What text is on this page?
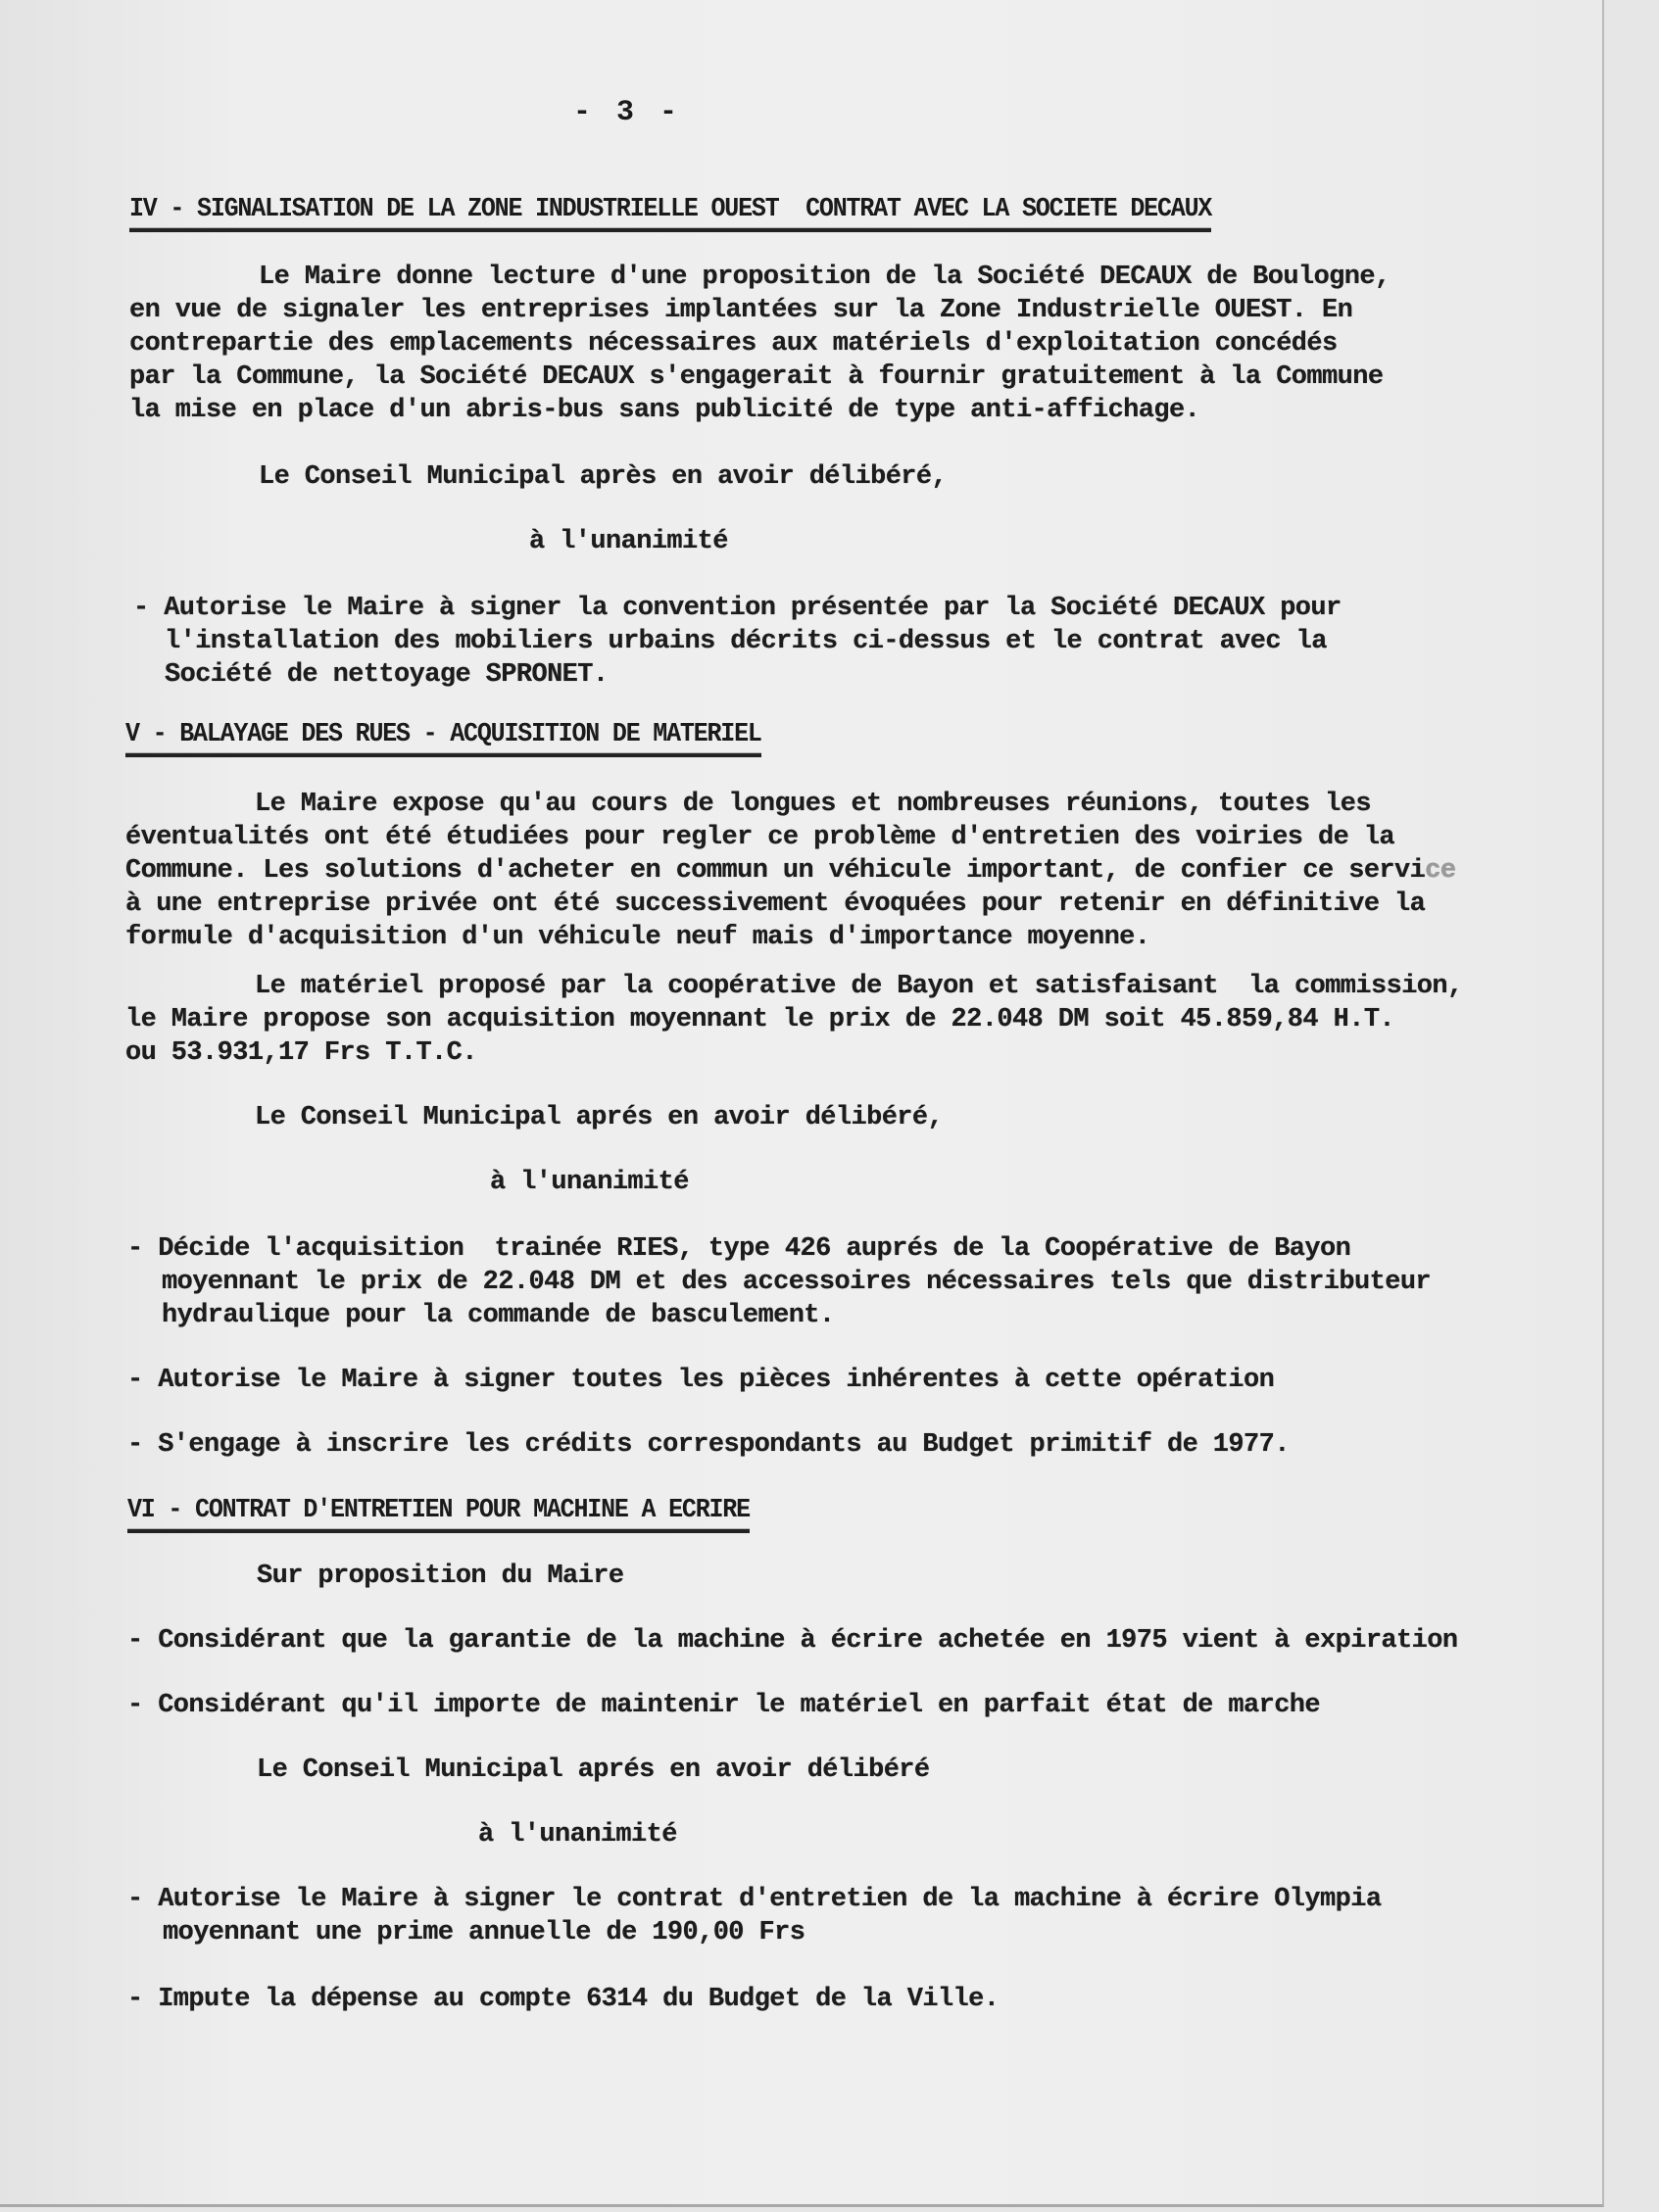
- 3 -
IV - SIGNALISATION DE LA ZONE INDUSTRIELLE OUEST  CONTRAT AVEC LA SOCIETE DECAUX
Le Maire donne lecture d'une proposition de la Société DECAUX de Boulogne,
en vue de signaler les entreprises implantées sur la Zone Industrielle OUEST. En
contrepartie des emplacements nécessaires aux matériels d'exploitation concédés
par la Commune, la Société DECAUX s'engagerait à fournir gratuitement à la Commune
la mise en place d'un abris-bus sans publicité de type anti-affichage.
Le Conseil Municipal après en avoir délibéré,
à l'unanimité
- Autorise le Maire à signer la convention présentée par la Société DECAUX pour
l'installation des mobiliers urbains décrits ci-dessus et le contrat avec la
Société de nettoyage SPRONET.
V - BALAYAGE DES RUES - ACQUISITION DE MATERIEL
Le Maire expose qu'au cours de longues et nombreuses réunions, toutes les
éventualités ont été étudiées pour regler ce problème d'entretien des voiries de la
Commune. Les solutions d'acheter en commun un véhicule important, de confier ce service
à une entreprise privée ont été successivement évoquées pour retenir en définitive la
formule d'acquisition d'un véhicule neuf mais d'importance moyenne.
Le matériel proposé par la coopérative de Bayon et satisfaisant  la commission,
le Maire propose son acquisition moyennant le prix de 22.048 DM soit 45.859,84 H.T.
ou 53.931,17 Frs T.T.C.
Le Conseil Municipal aprés en avoir délibéré,
à l'unanimité
- Décide l'acquisition  trainée RIES, type 426 auprés de la Coopérative de Bayon
moyennant le prix de 22.048 DM et des accessoires nécessaires tels que distributeur
hydraulique pour la commande de basculement.
- Autorise le Maire à signer toutes les pièces inhérentes à cette opération
- S'engage à inscrire les crédits correspondants au Budget primitif de 1977.
VI - CONTRAT D'ENTRETIEN POUR MACHINE A ECRIRE
Sur proposition du Maire
- Considérant que la garantie de la machine à écrire achetée en 1975 vient à expiration
- Considérant qu'il importe de maintenir le matériel en parfait état de marche
Le Conseil Municipal aprés en avoir délibéré
à l'unanimité
- Autorise le Maire à signer le contrat d'entretien de la machine à écrire Olympia
moyennant une prime annuelle de 190,00 Frs
- Impute la dépense au compte 6314 du Budget de la Ville.
